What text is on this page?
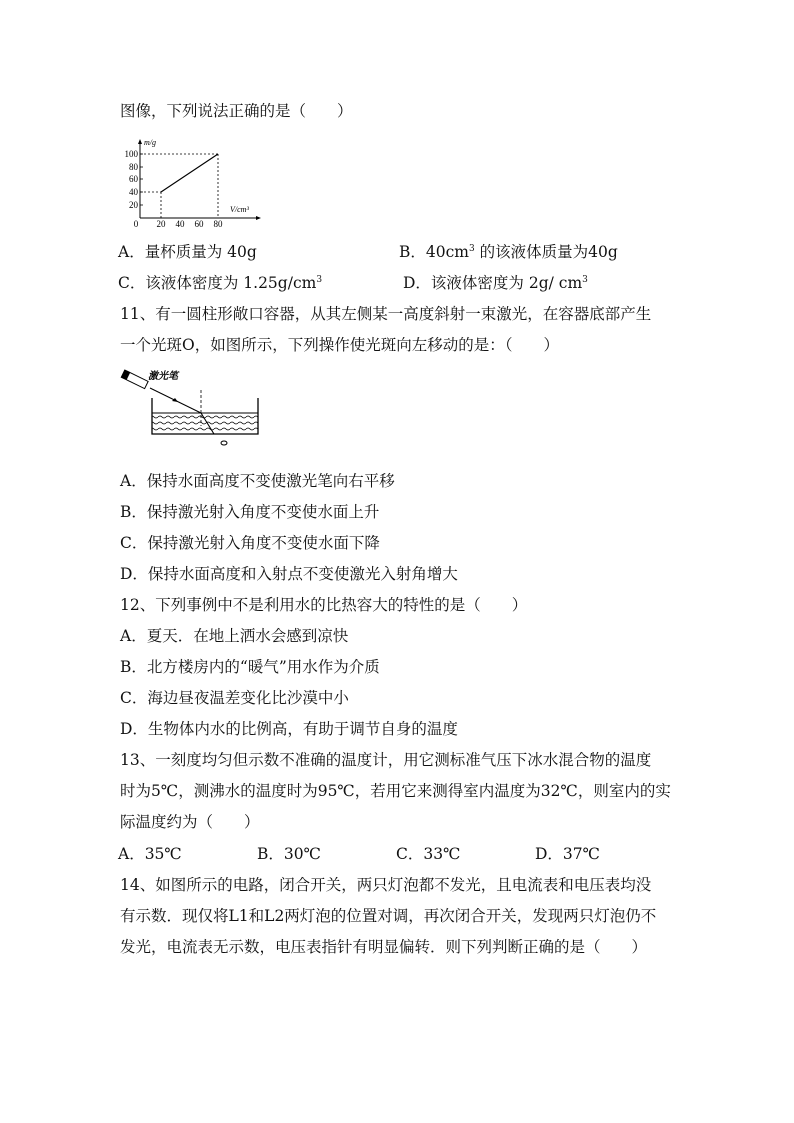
图像，下列说法正确的是（　　）
m/g
V/cm³
100
80
60
40
20
0 20 40 60 80
A．量杯质量为 40g	B．$40cm^3$ 的该液体质量为40g
C．该液体密度为 $1.25g/cm^3$	D．该液体密度为 2g/ $cm^3$
11、有一圆柱形敞口容器，从其左侧某一高度斜射一束激光，在容器底部产生
一个光斑O，如图所示，下列操作使光斑向左移动的是：（　　）
激光笔
A．保持水面高度不变使激光笔向右平移
B．保持激光射入角度不变使水面上升
C．保持激光射入角度不变使水面下降
D．保持水面高度和入射点不变使激光入射角增大
12、下列事例中不是利用水的比热容大的特性的是（　　）
A．夏天．在地上洒水会感到凉快
B．北方楼房内的“暖气”用水作为介质
C．海边昼夜温差变化比沙漠中小
D．生物体内水的比例高，有助于调节自身的温度
13、一刻度均匀但示数不准确的温度计，用它测标准气压下冰水混合物的温度
时为5℃，测沸水的温度时为95℃，若用它来测得室内温度为32℃，则室内的实
际温度约为（　　）
A．35℃	B．30℃	C．33℃	D．37℃
14、如图所示的电路，闭合开关，两只灯泡都不发光，且电流表和电压表均没
有示数．现仅将L1和L2两灯泡的位置对调，再次闭合开关，发现两只灯泡仍不
发光，电流表无示数，电压表指针有明显偏转．则下列判断正确的是（　　）
